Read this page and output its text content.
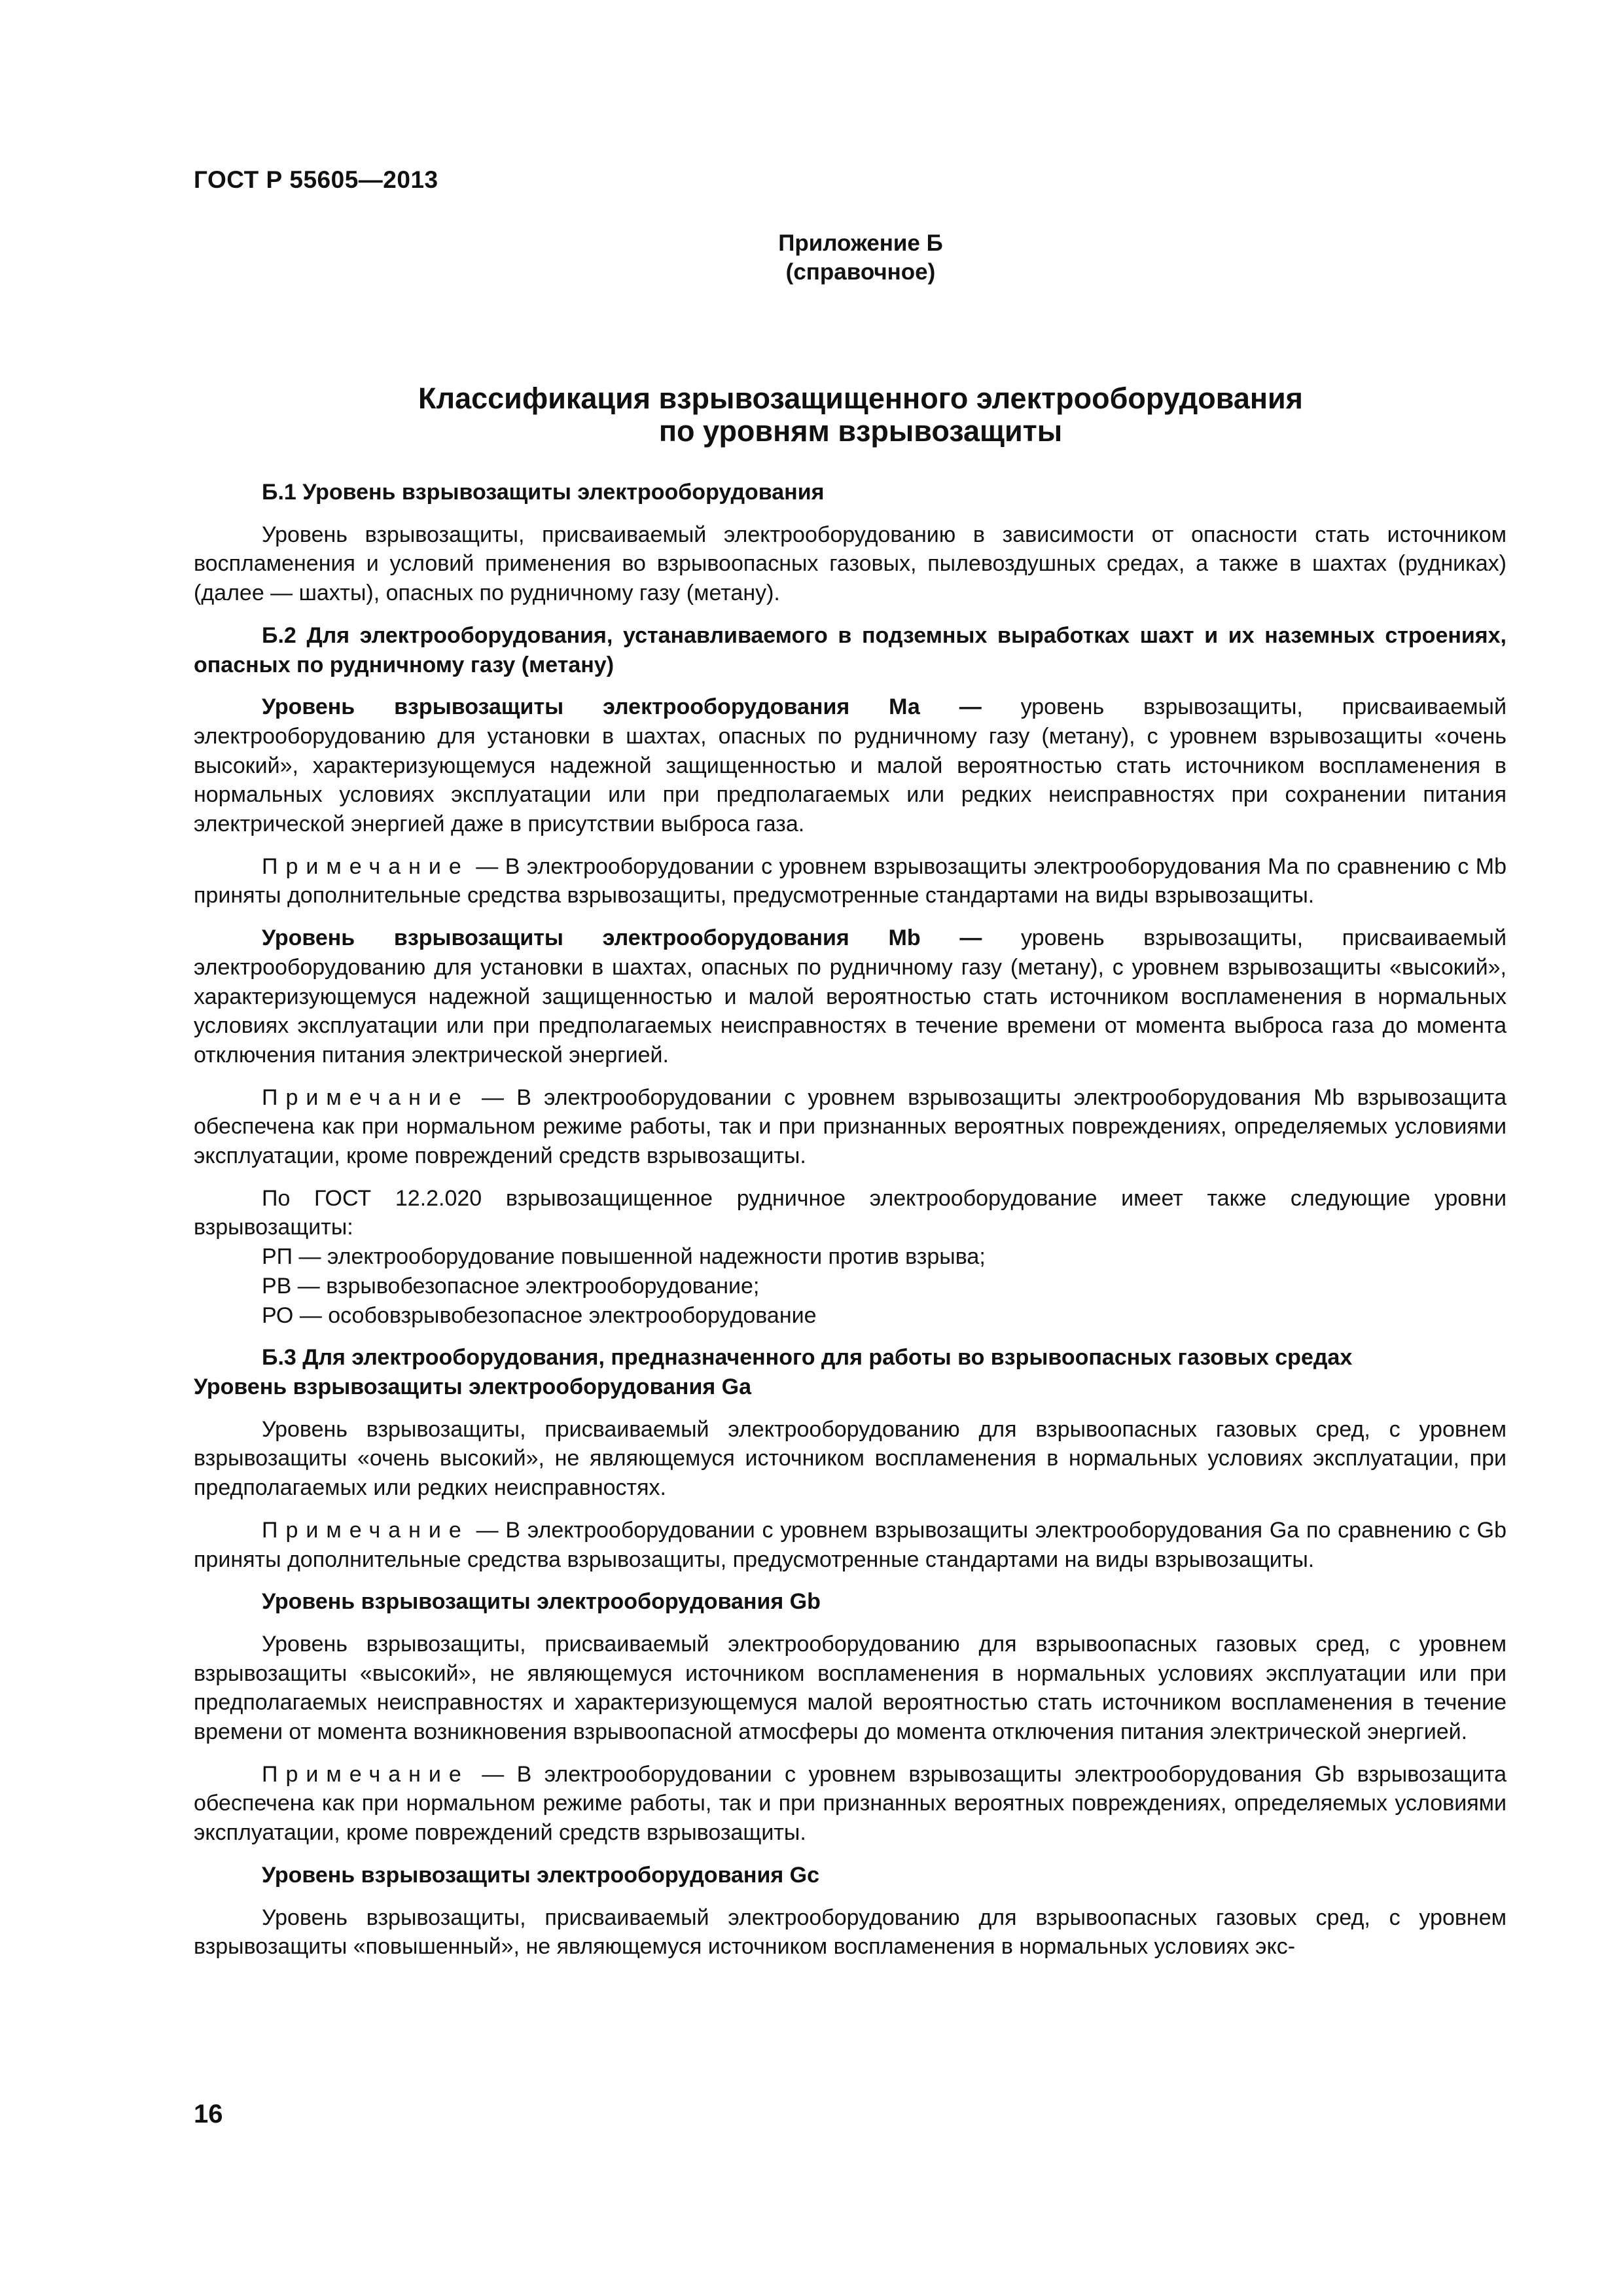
ГОСТ Р 55605—2013
Приложение Б
(справочное)
Классификация взрывозащищенного электрооборудования
по уровням взрывозащиты

Б.1 Уровень взрывозащиты электрооборудования

Уровень взрывозащиты, присваиваемый электрооборудованию в зависимости от опасности стать источником воспламенения и условий применения во взрывоопасных газовых, пылевоздушных средах, а также в шахтах (рудниках) (далее — шахты), опасных по рудничному газу (метану).

Б.2 Для электрооборудования, устанавливаемого в подземных выработках шахт и их наземных строениях, опасных по рудничному газу (метану)

Уровень взрывозащиты электрооборудования Ма — уровень взрывозащиты, присваиваемый электрооборудованию для установки в шахтах, опасных по рудничному газу (метану), с уровнем взрывозащиты «очень высокий», характеризующемуся надежной защищенностью и малой вероятностью стать источником воспламенения в нормальных условиях эксплуатации или при предполагаемых или редких неисправностях при сохранении питания электрической энергией даже в присутствии выброса газа.

Примечание — В электрооборудовании с уровнем взрывозащиты электрооборудования Ма по сравнению с Mb приняты дополнительные средства взрывозащиты, предусмотренные стандартами на виды взрывозащиты.

Уровень взрывозащиты электрооборудования Mb — уровень взрывозащиты, присваиваемый электрооборудованию для установки в шахтах, опасных по рудничному газу (метану), с уровнем взрывозащиты «высокий», характеризующемуся надежной защищенностью и малой вероятностью стать источником воспламенения в нормальных условиях эксплуатации или при предполагаемых неисправностях в течение времени от момента выброса газа до момента отключения питания электрической энергией.

Примечание — В электрооборудовании с уровнем взрывозащиты электрооборудования Mb взрывозащита обеспечена как при нормальном режиме работы, так и при признанных вероятных повреждениях, определяемых условиями эксплуатации, кроме повреждений средств взрывозащиты.

По ГОСТ 12.2.020 взрывозащищенное рудничное электрооборудование имеет также следующие уровни взрывозащиты:

РП — электрооборудование повышенной надежности против взрыва;

РВ — взрывобезопасное электрооборудование;

РО — особовзрывобезопасное электрооборудование

Б.3 Для электрооборудования, предназначенного для работы во взрывоопасных газовых средах

Уровень взрывозащиты электрооборудования Ga

Уровень взрывозащиты, присваиваемый электрооборудованию для взрывоопасных газовых сред, с уровнем взрывозащиты «очень высокий», не являющемуся источником воспламенения в нормальных условиях эксплуатации, при предполагаемых или редких неисправностях.

Примечание — В электрооборудовании с уровнем взрывозащиты электрооборудования Ga по сравнению с Gb приняты дополнительные средства взрывозащиты, предусмотренные стандартами на виды взрывозащиты.

Уровень взрывозащиты электрооборудования Gb

Уровень взрывозащиты, присваиваемый электрооборудованию для взрывоопасных газовых сред, с уровнем взрывозащиты «высокий», не являющемуся источником воспламенения в нормальных условиях эксплуатации или при предполагаемых неисправностях и характеризующемуся малой вероятностью стать источником воспламенения в течение времени от момента возникновения взрывоопасной атмосферы до момента отключения питания электрической энергией.

Примечание — В электрооборудовании с уровнем взрывозащиты электрооборудования Gb взрывозащита обеспечена как при нормальном режиме работы, так и при признанных вероятных повреждениях, определяемых условиями эксплуатации, кроме повреждений средств взрывозащиты.

Уровень взрывозащиты электрооборудования Gc

Уровень взрывозащиты, присваиваемый электрооборудованию для взрывоопасных газовых сред, с уровнем взрывозащиты «повышенный», не являющемуся источником воспламенения в нормальных условиях экс-

16
